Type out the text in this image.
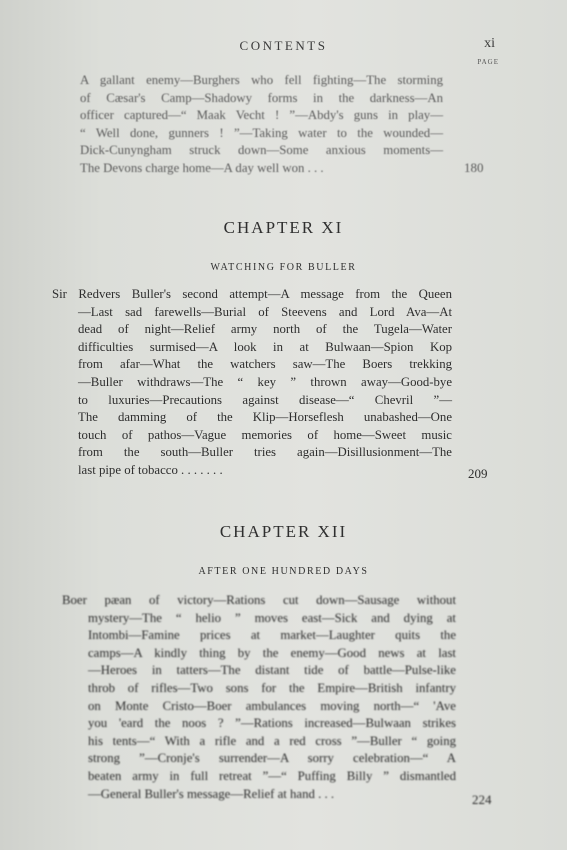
CONTENTS	xi
PAGE
A gallant enemy—Burghers who fell fighting—The storming
of Cæsar's Camp—Shadowy forms in the darkness—An
officer captured—“ Maak Vecht ! ”—Abdy's guns in play—
“ Well done, gunners ! ”—Taking water to the wounded—
Dick-Cunyngham struck down—Some anxious moments—
The Devons charge home—A day well won . . .	180
CHAPTER XI
WATCHING FOR BULLER
Sir Redvers Buller's second attempt—A message from the Queen
—Last sad farewells—Burial of Steevens and Lord Ava—At
dead of night—Relief army north of the Tugela—Water
difficulties surmised—A look in at Bulwaan—Spion Kop
from afar—What the watchers saw—The Boers trekking
—Buller withdraws—The “ key ” thrown away—Good-bye
to luxuries—Precautions against disease—“ Chevril ”—
The damming of the Klip—Horseflesh unabashed—One
touch of pathos—Vague memories of home—Sweet music
from the south—Buller tries again—Disillusionment—The
last pipe of tobacco . . . . . . .	209
CHAPTER XII
AFTER ONE HUNDRED DAYS
Boer pæan of victory—Rations cut down—Sausage without
mystery—The “ helio ” moves east—Sick and dying at
Intombi—Famine prices at market—Laughter quits the
camps—A kindly thing by the enemy—Good news at last
—Heroes in tatters—The distant tide of battle—Pulse-like
throb of rifles—Two sons for the Empire—British infantry
on Monte Cristo—Boer ambulances moving north—“ 'Ave
you 'eard the noos ? ”—Rations increased—Bulwaan strikes
his tents—“ With a rifle and a red cross ”—Buller “ going
strong ”—Cronje's surrender—A sorry celebration—“ A
beaten army in full retreat ”—“ Puffing Billy ” dismantled
—General Buller's message—Relief at hand . . .	224
